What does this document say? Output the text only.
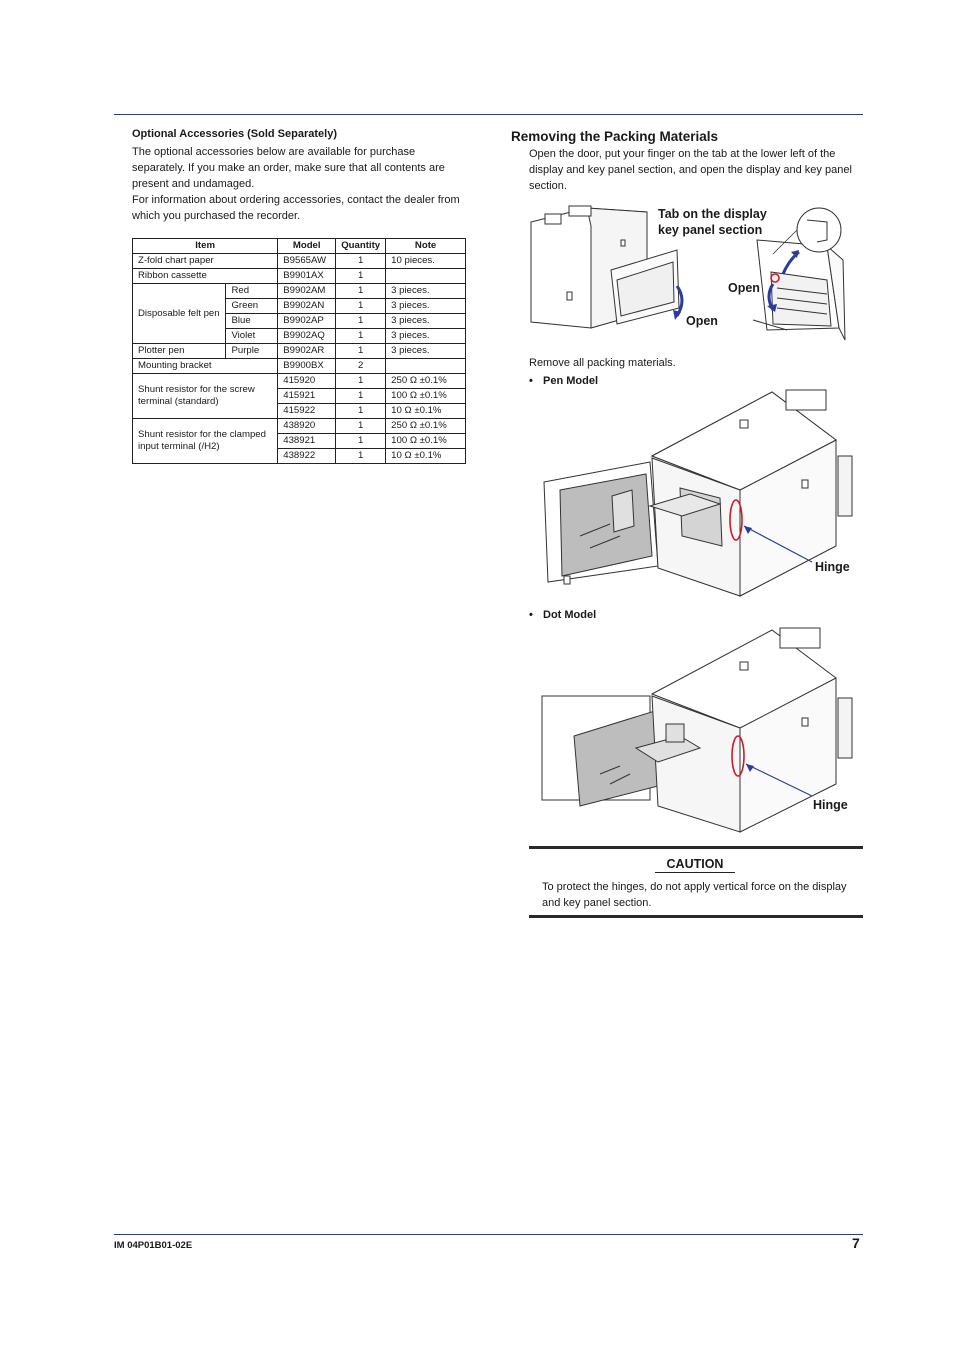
Optional Accessories (Sold Separately)

The optional accessories below are available for purchase separately. If you make an order, make sure that all contents are present and undamaged.

For information about ordering accessories, contact the dealer from which you purchased the recorder.

Item		Model	Quantity	Note
Z-fold chart paper		B9565AW	1	10 pieces.
Ribbon cassette		B9901AX	1	
Disposable felt pen	Red	B9902AM	1	3 pieces.
	Green	B9902AN	1	3 pieces.
	Blue	B9902AP	1	3 pieces.
	Violet	B9902AQ	1	3 pieces.
Plotter pen	Purple	B9902AR	1	3 pieces.
Mounting bracket		B9900BX	2	
Shunt resistor for the screw terminal (standard)		415920	1	250 Ω ±0.1%
		415921	1	100 Ω ±0.1%
		415922	1	10 Ω ±0.1%
Shunt resistor for the clamped input terminal (/H2)		438920	1	250 Ω ±0.1%
		438921	1	100 Ω ±0.1%
		438922	1	10 Ω ±0.1%
Removing the Packing Materials

Open the door, put your finger on the tab at the lower left of the display and key panel section, and open the display and key panel section.

Tab on the display
key panel section
Open
Open

Remove all packing materials.

• Pen Model
Hinge
• Dot Model
Hinge
CAUTION

To protect the hinges, do not apply vertical force on the display and key panel section.

IM 04P01B01-02E	7
